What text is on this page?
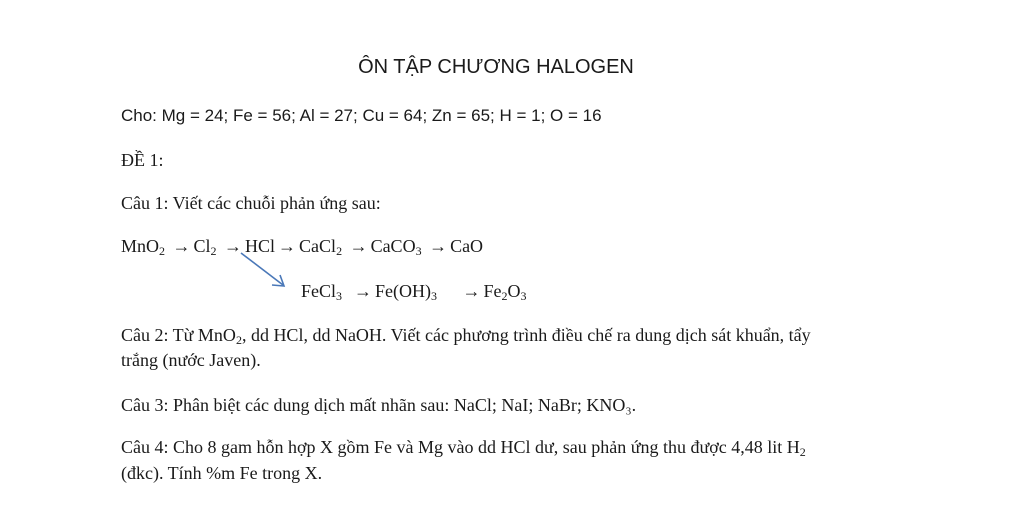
ÔN TẬP CHƯƠNG HALOGEN
Cho: Mg = 24; Fe = 56; Al = 27; Cu = 64; Zn = 65; H = 1; O = 16
ĐỀ 1:
Câu 1: Viết các chuỗi phản ứng sau:
$MnO_2 \to Cl_2$ → HCl → CaCl$_2$ → CaCO$_3$ → CaO
FeCl$_3$ → $Fe(OH)_3 \to Fe_2O_3$
Câu 2: Từ MnO$_2$, dd HCl, dd NaOH. Viết các phương trình điều chế ra dung dịch sát khuẩn, tẩy
trắng (nước Javen).
Câu 3: Phân biệt các dung dịch mất nhãn sau: NaCl; NaI; NaBr; KNO₃.
Câu 4: Cho 8 gam hỗn hợp X gồm Fe và Mg vào dd HCl dư, sau phản ứng thu được 4,48 lit $H_2$
(đkc). Tính %m Fe trong X.
